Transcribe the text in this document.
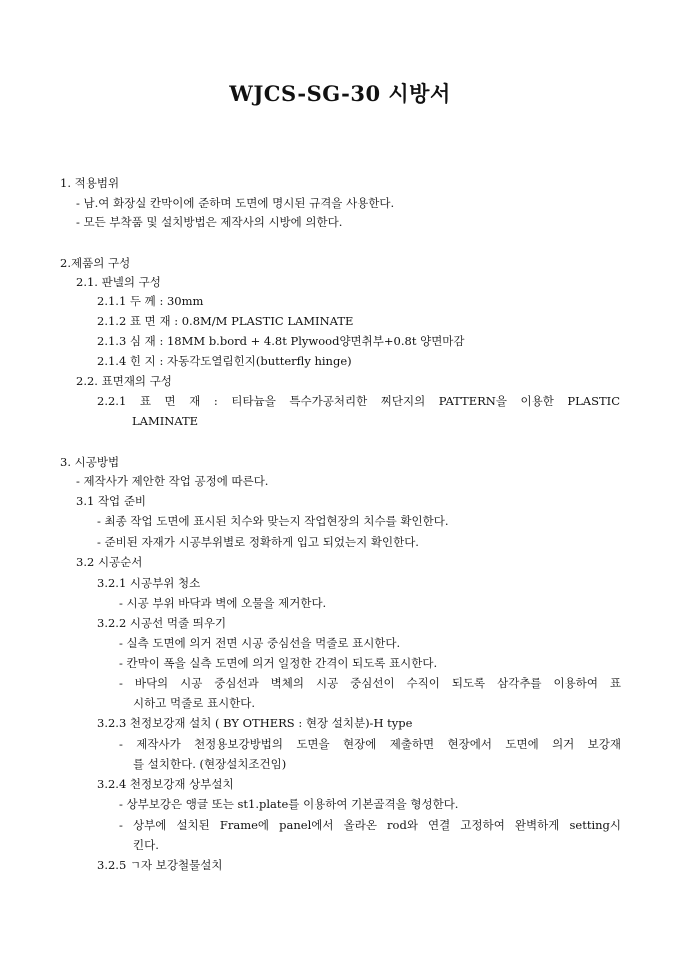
WJCS-SG-30 시방서
1. 적용범위
- 남.여 화장실 칸막이에 준하며 도면에 명시된 규격을 사용한다.
- 모든 부착품 및 설치방법은 제작사의 시방에 의한다.
2.제품의 구성
2.1. 판넬의 구성
2.1.1 두 께 : 30mm
2.1.2 표 면 재 : 0.8M/M PLASTIC LAMINATE
2.1.3 심 재 : 18MM b.bord + 4.8t Plywood양면취부+0.8t 양면마감
2.1.4 힌 지 : 자동각도열림힌지(butterfly hinge)
2.2. 표면재의 구성
2.2.1 표 면 재 : 티타늄을 특수가공처리한 찌단지의 PATTERN을 이용한 PLASTIC
LAMINATE
3. 시공방법
- 제작사가 제안한 작업 공정에 따른다.
3.1 작업 준비
- 최종 작업 도면에 표시된 치수와 맞는지 작업현장의 치수를 확인한다.
- 준비된 자재가 시공부위별로 정확하게 입고 되었는지 확인한다.
3.2 시공순서
3.2.1 시공부위 청소
- 시공 부위 바닥과 벽에 오물을 제거한다.
3.2.2 시공선 먹줄 띄우기
- 실측 도면에 의거 전면 시공 중심선을 먹줄로 표시한다.
- 칸막이 폭을 실측 도면에 의거 일정한 간격이 되도록 표시한다.
- 바닥의 시공 중심선과 벽체의 시공 중심선이 수직이 되도록 삼각추를 이용하여 표
시하고 먹줄로 표시한다.
3.2.3 천정보강재 설치 ( BY OTHERS : 현장 설치분)-H type
- 제작사가 천정용보강방법의 도면을 현장에 제출하면 현장에서 도면에 의거 보강재
를 설치한다. (현장설치조건임)
3.2.4 천정보강재 상부설치
- 상부보강은 앵글 또는 st1.plate를 이용하여 기본골격을 형성한다.
- 상부에 설치된 Frame에 panel에서 올라온 rod와 연결 고정하여 완벽하게 setting시
킨다.
3.2.5 ㄱ자 보강철물설치
